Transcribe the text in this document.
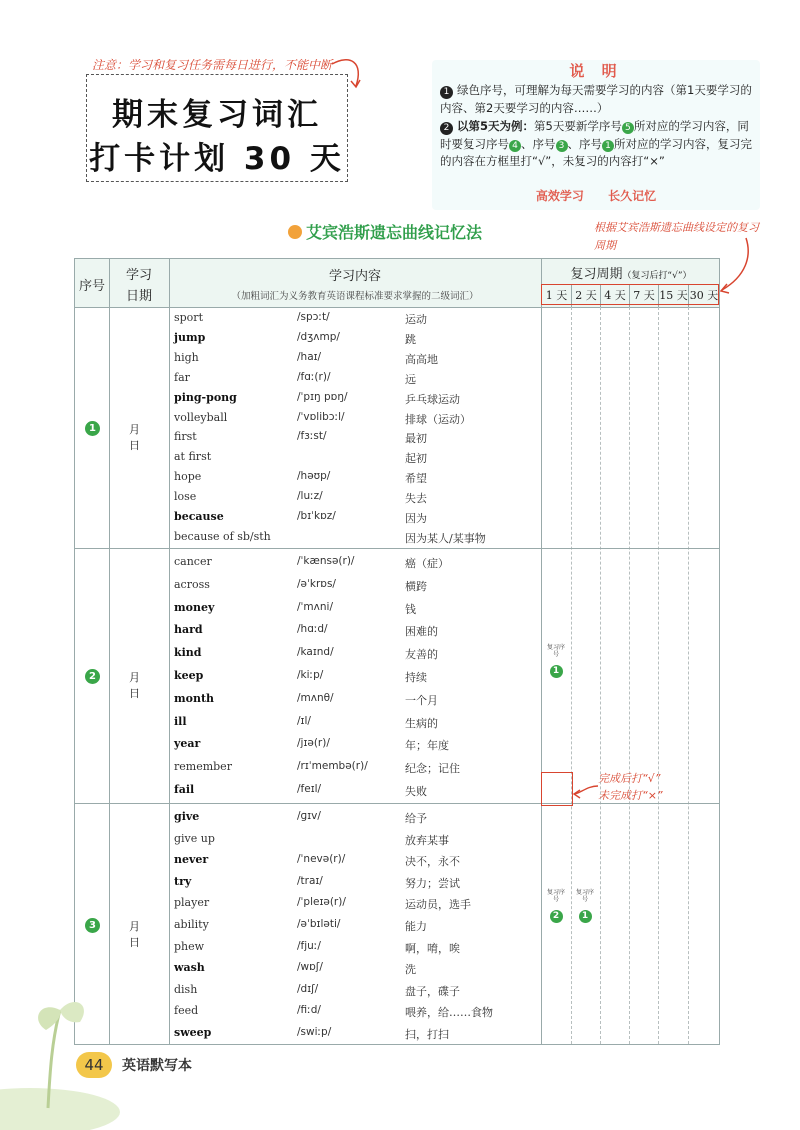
注意：学习和复习任务需每日进行，不能中断
期末复习词汇
打卡计划 30 天
说 明
1 绿色序号，可理解为每天需要学习的内容（第1天要学习的内容、第2天要学习的内容……）
2 以第5天为例：第5天要新学序号 5 所对应的学习内容，同时要复习序号 4 、序号 3 、序号 1 所对应的学习内容，复习完的内容在方框里打“√”，未复习的内容打“×”
高效学习 长久记忆
艾宾浩斯遗忘曲线记忆法	根据艾宾浩斯遗忘曲线设定的复习周期
序号
学习
日期
学习内容
（加粗词汇为义务教育英语课程标准要求掌握的二级词汇）
复习周期（复习后打“√”）
1 天 2 天 4 天 7 天 15 天 30 天
1	月 日
sport	/spɔːt/	运动
jump	/dʒʌmp/	跳
high	/haɪ/	高高地
far	/fɑː(r)/	远
ping-pong	/ˈpɪŋ pɒŋ/	乒乓球运动
volleyball	/ˈvɒlibɔːl/	排球（运动）
first	/fɜːst/	最初
at first	起初
hope	/həʊp/	希望
lose	/luːz/	失去
because	/bɪˈkɒz/	因为
because of sb/sth	因为某人/某事物
2	月 日
cancer	/ˈkænsə(r)/	癌（症）
across	/əˈkrɒs/	横跨
money	/ˈmʌni/	钱
hard	/hɑːd/	困难的
kind	/kaɪnd/	友善的
keep	/kiːp/	持续
month	/mʌnθ/	一个月
ill	/ɪl/	生病的
year	/jɪə(r)/	年；年度
remember	/rɪˈmembə(r)/	纪念；记住
fail	/feɪl/	失败
复习序号
1
3	月 日
give	/ɡɪv/	给予
give up	放弃某事
never	/ˈnevə(r)/	决不，永不
try	/traɪ/	努力；尝试
player	/ˈpleɪə(r)/	运动员，选手
ability	/əˈbɪləti/	能力
phew	/fjuː/	啊，唷，唉
wash	/wɒʃ/	洗
dish	/dɪʃ/	盘子，碟子
feed	/fiːd/	喂养，给……食物
sweep	/swiːp/	扫，打扫
复习序号
2
复习序号
1
完成后打“√”
未完成打“×”
44	英语默写本
